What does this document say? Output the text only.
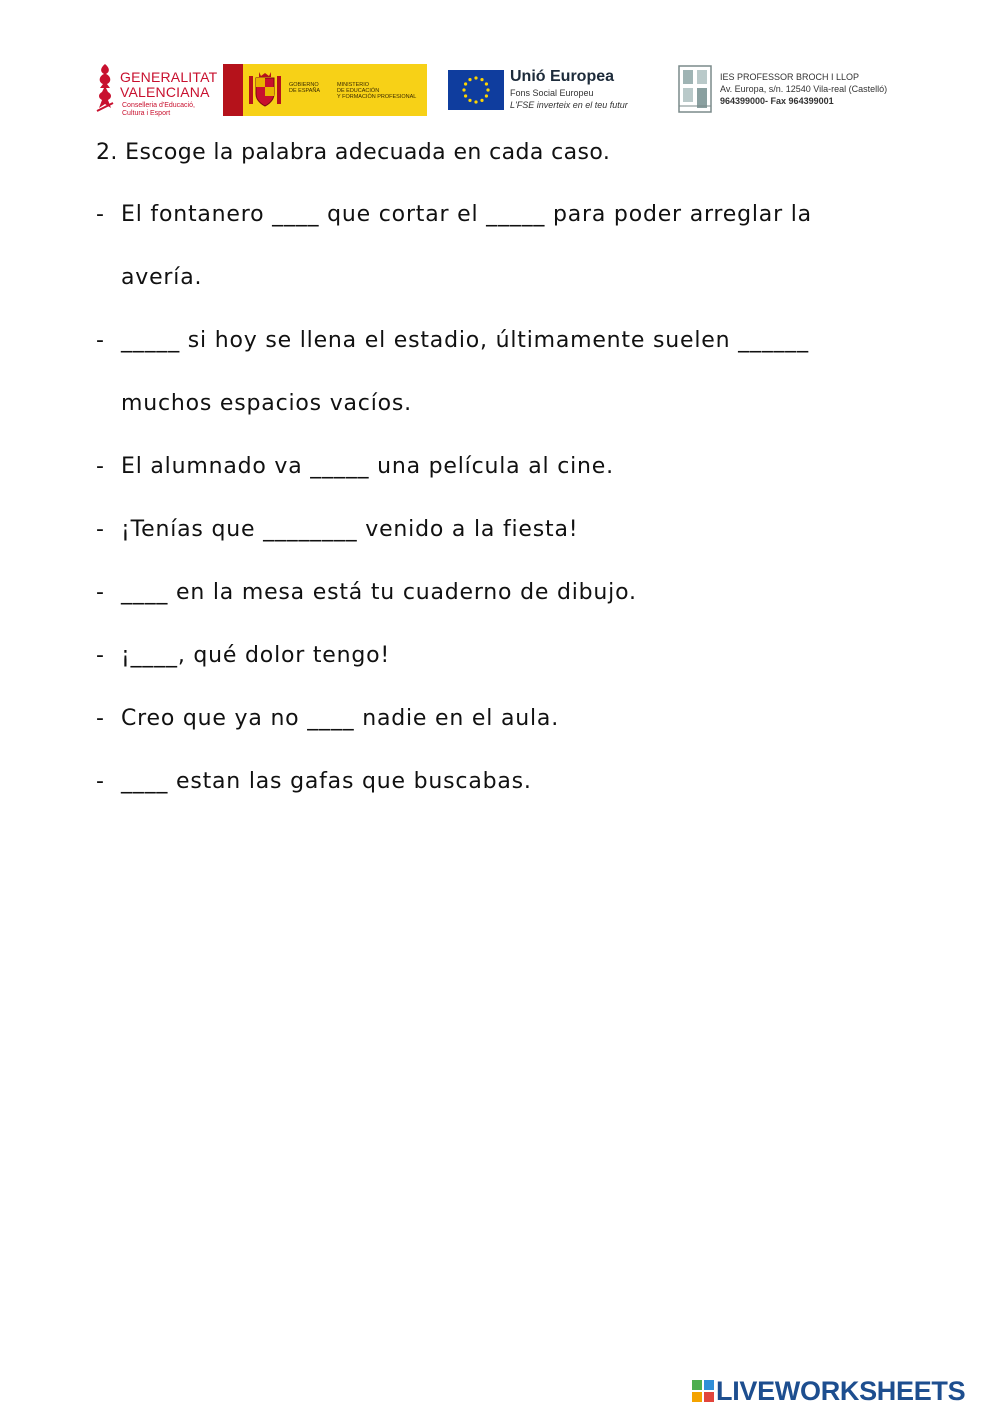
GENERALITAT
VALENCIANA
Conselleria d'Educació,
Cultura i Esport
GOBIERNO
DE ESPAÑA
MINISTERIO
DE EDUCACIÓN
Y FORMACIÓN PROFESIONAL
Unió Europea
Fons Social Europeu
L'FSE inverteix en el teu futur
IES PROFESSOR BROCH I LLOP
Av. Europa, s/n. 12540 Vila-real (Castelló)
964399000- Fax 964399001
2. Escoge la palabra adecuada en cada caso.
- El fontanero ____ que cortar el _____ para poder arreglar la
avería.
- _____ si hoy se llena el estadio, últimamente suelen ______
muchos espacios vacíos.
- El alumnado va _____ una película al cine.
- ¡Tenías que ________ venido a la fiesta!
- ____ en la mesa está tu cuaderno de dibujo.
- ¡____, qué dolor tengo!
- Creo que ya no ____ nadie en el aula.
- ____ estan las gafas que buscabas.
LIVEWORKSHEETS
